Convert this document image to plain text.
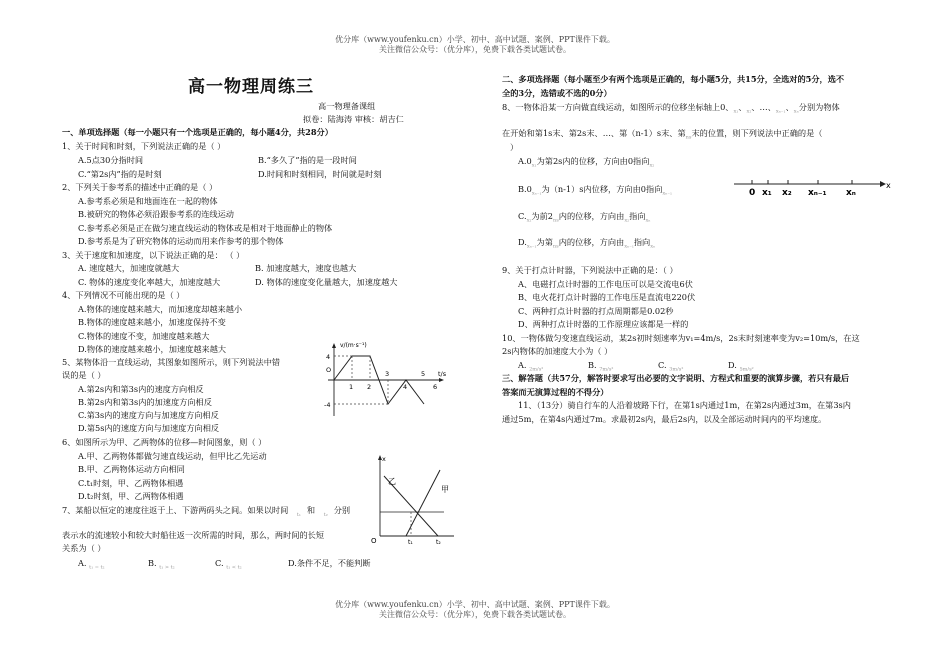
优分库（www.youfenku.cn）小学、初中、高中试题、案例、PPT课件下载。
关注微信公众号：（优分库），免费下载各类试题试卷。
高一物理周练三
高一物理备课组
拟卷：陆海涛 审核：胡吉仁
一、单项选择题（每一小题只有一个选项是正确的，每小题4分，共28分）
1、关于时间和时刻，下列说法正确的是（ ）
A.5点30分指时间	B.“多久了”指的是一段时间
C.“第2s内”指的是时刻	D.时间和时刻相同，时间就是时刻
2、下列关于参考系的描述中正确的是（ ）
A.参考系必须是和地面连在一起的物体
B.被研究的物体必须沿跟参考系的连线运动
C.参考系必须是正在做匀速直线运动的物体或是相对于地面静止的物体
D.参考系是为了研究物体的运动而用来作参考的那个物体
3、关于速度和加速度，以下说法正确的是： （ ）
A. 速度越大，加速度就越大	B. 加速度越大，速度也越大
C. 物体的速度变化率越大，加速度越大	D. 物体的速度变化量越大，加速度越大
4、下列情况不可能出现的是（ ）
A.物体的速度越来越大，而加速度却越来越小
B.物体的速度越来越小，加速度保持不变
C.物体的速度不变，加速度越来越大
D.物体的速度越来越小，加速度越来越大
5、某物体沿一直线运动，其图象如图所示，则下列说法中错
误的是（ ）
A.第2s内和第3s内的速度方向相反
B.第2s内和第3s内的加速度方向相反
C.第3s内的速度方向与加速度方向相反
D.第5s内的速度方向与加速度方向相反
v/(m·s⁻¹)
t/s
4
-4
O
1 2
3
4
5
6
6、如图所示为甲、乙两物体的位移—时间图象，则（ ）
A.甲、乙两物体都做匀速直线运动，但甲比乙先运动
B.甲、乙两物体运动方向相同
C.t₁时刻，甲、乙两物体相遇
D.t₂时刻，甲、乙两物体相遇
x
O
乙
甲
t₁	t₂
7、某船以恒定的速度往返于上、下游两码头之间。如果以时间 $_{t_1}$ 和 $_{t_2}$ 分别
表示水的流速较小和较大时船往返一次所需的时间，那么，两时间的长短
关系为（ ）
A. $_{t_1 = t_2}$	B. $_{t_1 > t_2}$	C. $_{t_1 < t_2}$	D.条件不足，不能判断
二、多项选择题（每小题至少有两个选项是正确的，每小题5分，共15分，全选对的5分，选不
全的3分，选错或不选的0分）
8、一物体沿某一方向做直线运动，如图所示的位移坐标轴上0、$_{x_1}$、$_{x_2}$、…、$_{x_{n-1}}$、$_{x_n}$分别为物体
在开始和第1s末、第2s末、…、第（n-1）s末、第$_{ns}$末的位置，则下列说法中正确的是（
）
$A.0_{x_1}$为第2s内的位移，方向由0指向$_{x_2}$
$B.0_{x_{n-1}}$为（n-1）s内位移，方向由0指向$_{x_{n-1}}$
$C._{x_2}$为前$2_{ns}$内的位移，方向由$_{x_2}$指向$_{x_n}$
$D._{x_{n-1}}$为第$_{ns}$内的位移，方向由$_{x_{n-1}}$指向$_{x_n}$
0 x₁ x₂ xₙ₋₁ xₙ
x
9、关于打点计时器，下列说法中正确的是：（ ）
A、电磁打点计时器的工作电压可以是交流电6伏
B、电火花打点计时器的工作电压是直流电220伏
C、两种打点计时器的打点周期都是0.02秒
D、两种打点计时器的工作原理应该都是一样的
10、一物体做匀变速直线运动，某2s初时刻速率为v₁=4m/s，2s末时刻速率变为v₂=10m/s，在这
2s内物体的加速度大小为（ ）
A. $_{2m/s^2}$	B. $_{7m/s^2}$	C. $_{3m/s^2}$	D. $_{5m/s^2}$
三、解答题（共57分，解答时要求写出必要的文字说明、方程式和重要的演算步骤，若只有最后
答案而无演算过程的不得分）
11、（13分）骑自行车的人沿着坡路下行，在第1s内通过1m，在第2s内通过3m，在第3s内
通过5m，在第4s内通过7m。求最初2s内，最后2s内，以及全部运动时间内的平均速度。
优分库（www.youfenku.cn）小学、初中、高中试题、案例、PPT课件下载。
关注微信公众号：（优分库），免费下载各类试题试卷。
